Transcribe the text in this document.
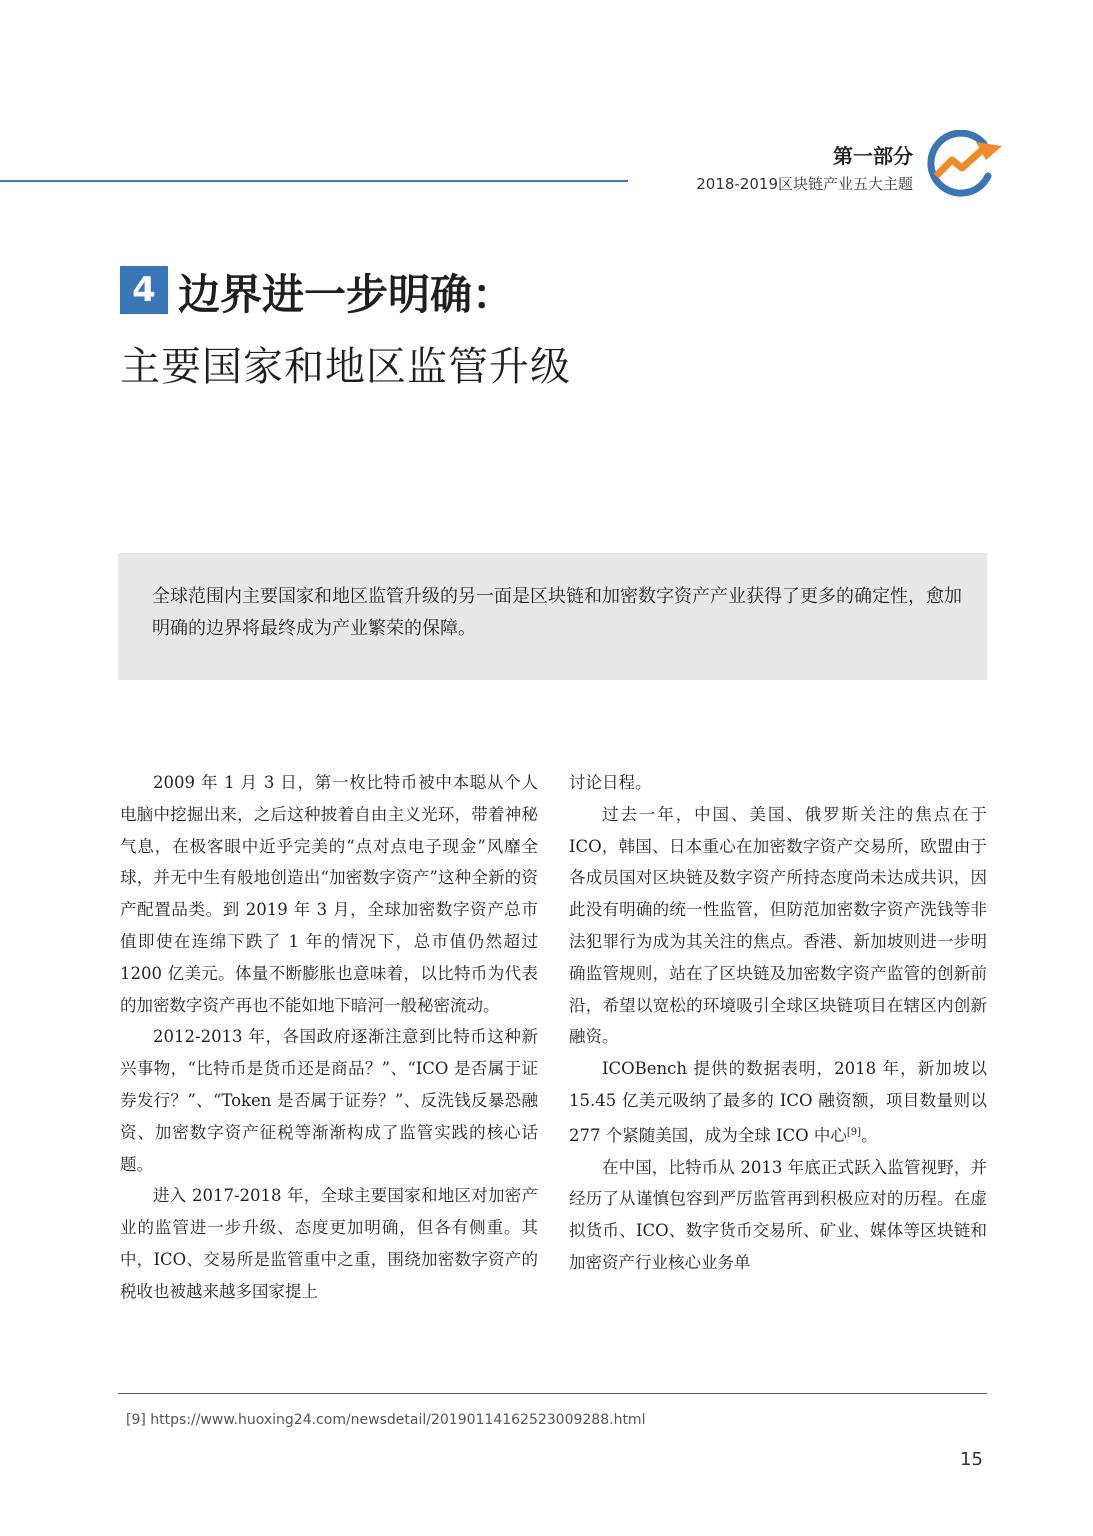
第一部分
2018-2019区块链产业五大主题
4 边界进一步明确：
主要国家和地区监管升级
全球范围内主要国家和地区监管升级的另一面是区块链和加密数字资产产业获得了更多的确定性，愈加明确的边界将最终成为产业繁荣的保障。

2009 年 1 月 3 日，第一枚比特币被中本聪从个人电脑中挖掘出来，之后这种披着自由主义光环，带着神秘气息，在极客眼中近乎完美的“点对点电子现金”风靡全球，并无中生有般地创造出“加密数字资产”这种全新的资产配置品类。到 2019 年 3 月，全球加密数字资产总市值即使在连绵下跌了 1 年的情况下，总市值仍然超过 1200 亿美元。体量不断膨胀也意味着，以比特币为代表的加密数字资产再也不能如地下暗河一般秘密流动。

2012-2013 年，各国政府逐渐注意到比特币这种新兴事物，“比特币是货币还是商品？”、“ICO 是否属于证券发行？”、“Token 是否属于证券？”、反洗钱反暴恐融资、加密数字资产征税等渐渐构成了监管实践的核心话题。

进入 2017-2018 年，全球主要国家和地区对加密产业的监管进一步升级、态度更加明确，但各有侧重。其中，ICO、交易所是监管重中之重，围绕加密数字资产的税收也被越来越多国家提上

讨论日程。

过去一年，中国、美国、俄罗斯关注的焦点在于ICO，韩国、日本重心在加密数字资产交易所，欧盟由于各成员国对区块链及数字资产所持态度尚未达成共识，因此没有明确的统一性监管，但防范加密数字资产洗钱等非法犯罪行为成为其关注的焦点。香港、新加坡则进一步明确监管规则，站在了区块链及加密数字资产监管的创新前沿，希望以宽松的环境吸引全球区块链项目在辖区内创新融资。

ICOBench 提供的数据表明，2018 年，新加坡以 15.45 亿美元吸纳了最多的 ICO 融资额，项目数量则以 277 个紧随美国，成为全球 ICO 中心[9]。

在中国，比特币从 2013 年底正式跃入监管视野，并经历了从谨慎包容到严厉监管再到积极应对的历程。在虚拟货币、ICO、数字货币交易所、矿业、媒体等区块链和加密资产行业核心业务单

[9] https://www.huoxing24.com/newsdetail/20190114162523009288.html
15
